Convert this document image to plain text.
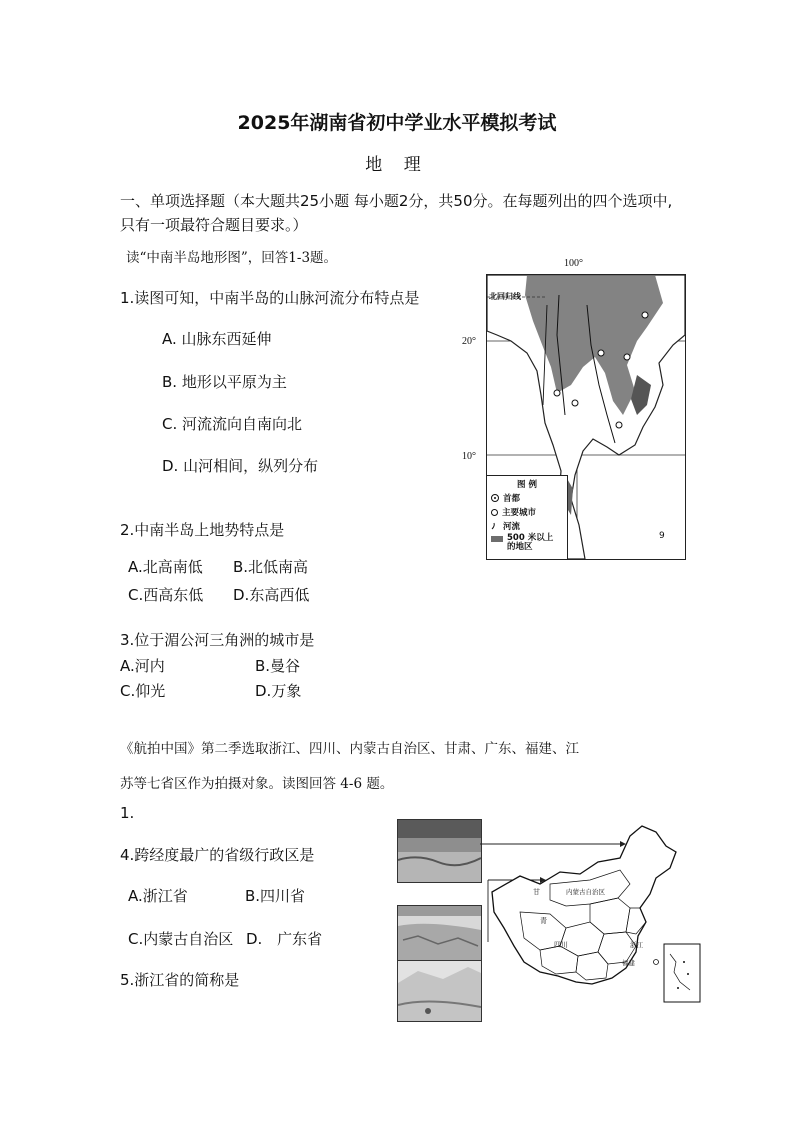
2025年湖南省初中学业水平模拟考试
地 理
一、单项选择题（本大题共25小题 每小题2分，共50分。在每题列出的四个选项中,
只有一项最符合题目要求。）
读“中南半岛地形图”，回答1-3题。
1.读图可知，中南半岛的山脉河流分布特点是
A. 山脉东西延伸
B. 地形以平原为主
C. 河流流向自南向北
D. 山河相间，纵列分布
2.中南半岛上地势特点是
A.北高南低 B.北低南高
C.西高东低 D.东高西低
3.位于湄公河三角洲的城市是
A.河内	B.曼谷
C.仰光	D.万象
100°
20°
10°
北回归线
9
图 例
首都
主要城市
河流
500 米以上
的地区
《航拍中国》第二季选取浙江、四川、内蒙古自治区、甘肃、广东、福建、江
苏等七省区作为拍摄对象。读图回答 4-6 题。
1.
4.跨经度最广的省级行政区是
A.浙江省	B.四川省
C.内蒙古自治区 D. 广东省
5.浙江省的简称是
甘	内蒙古自治区
青
四川	浙江
福建
